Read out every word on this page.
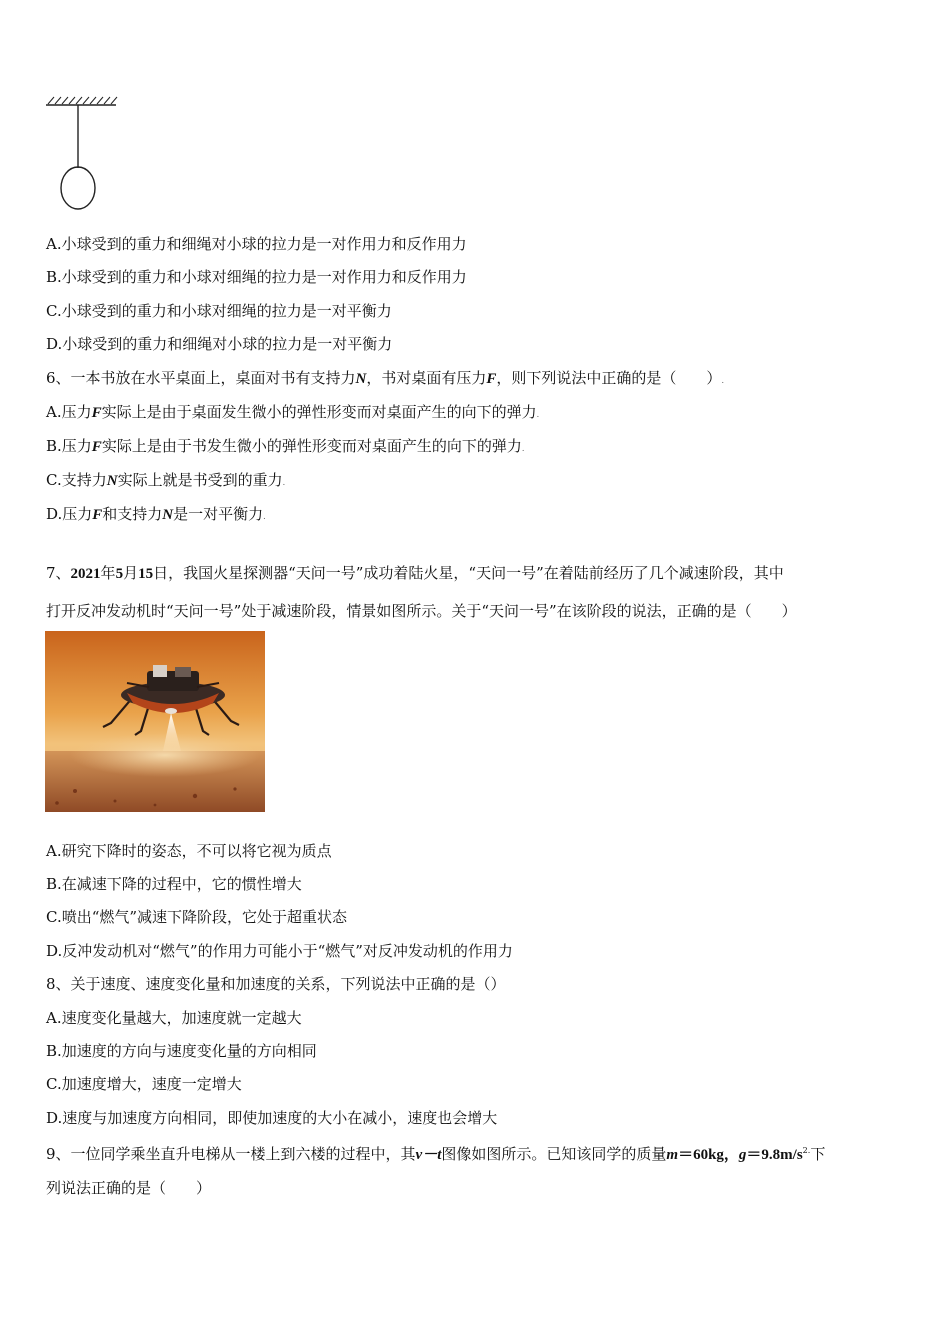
A.小球受到的重力和细绳对小球的拉力是一对作用力和反作用力
B.小球受到的重力和小球对细绳的拉力是一对作用力和反作用力
C.小球受到的重力和小球对细绳的拉力是一对平衡力
D.小球受到的重力和细绳对小球的拉力是一对平衡力
6、一本书放在水平桌面上，桌面对书有支持力N，书对桌面有压力F，则下列说法中正确的是（　　）.
A.压力F实际上是由于桌面发生微小的弹性形变而对桌面产生的向下的弹力.
B.压力F实际上是由于书发生微小的弹性形变而对桌面产生的向下的弹力.
C.支持力N实际上就是书受到的重力.
D.压力F和支持力N是一对平衡力.
7、2021年5月15日，我国火星探测器“天问一号”成功着陆火星，“天问一号”在着陆前经历了几个减速阶段，其中
打开反冲发动机时“天问一号”处于减速阶段，情景如图所示。关于“天问一号”在该阶段的说法，正确的是（　　）
A.研究下降时的姿态，不可以将它视为质点
B.在减速下降的过程中，它的惯性增大
C.喷出“燃气”减速下降阶段，它处于超重状态
D.反冲发动机对“燃气”的作用力可能小于“燃气”对反冲发动机的作用力
8、关于速度、速度变化量和加速度的关系，下列说法中正确的是（）
A.速度变化量越大，加速度就一定越大
B.加速度的方向与速度变化量的方向相同
C.加速度增大，速度一定增大
D.速度与加速度方向相同，即使加速度的大小在减小，速度也会增大
9、一位同学乘坐直升电梯从一楼上到六楼的过程中，其v－t图像如图所示。已知该同学的质量m＝60kg，$g=9.8m/s^{2.}$下
列说法正确的是（　　）
